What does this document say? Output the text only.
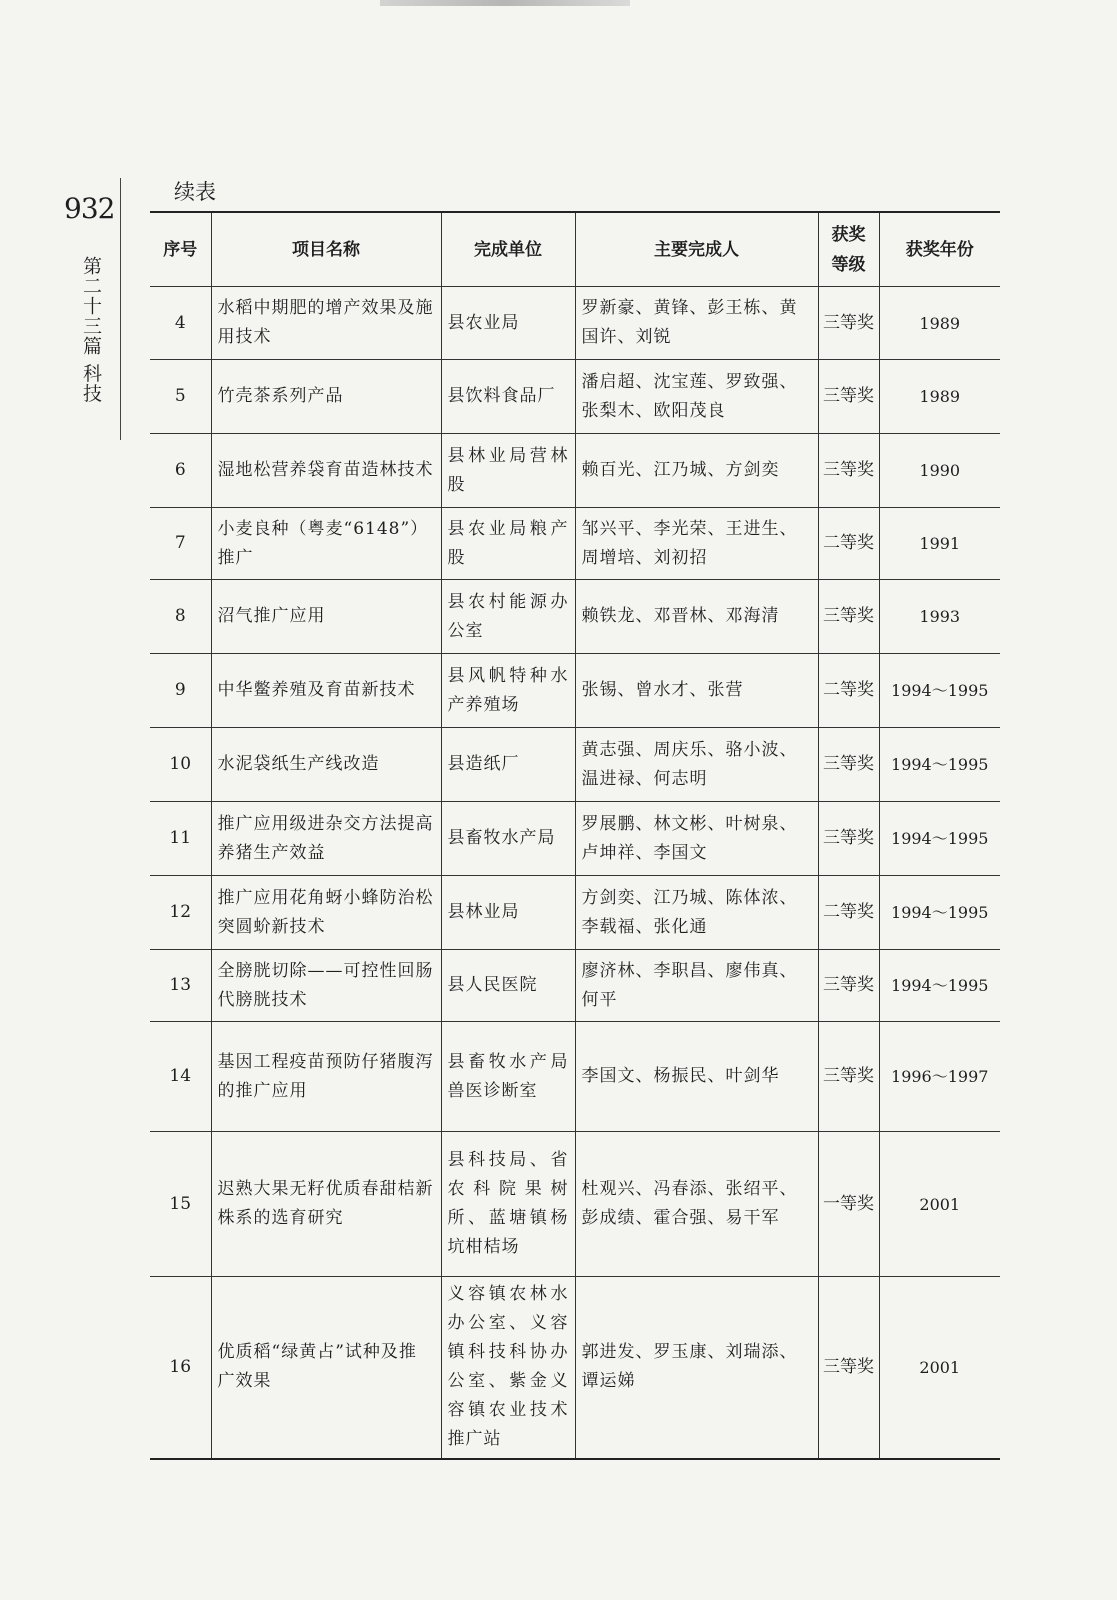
932
第二十三篇 科技
续表
序号	项目名称	完成单位	主要完成人	获奖等级	获奖年份
4	水稻中期肥的增产效果及施用技术	县农业局	罗新豪、黄锋、彭王栋、黄国许、刘锐	三等奖	1989
5	竹壳茶系列产品	县饮料食品厂	潘启超、沈宝莲、罗致强、张梨木、欧阳茂良	三等奖	1989
6	湿地松营养袋育苗造林技术	县林业局营林股	赖百光、江乃城、方剑奕	三等奖	1990
7	小麦良种（粤麦“6148”）推广	县农业局粮产股	邹兴平、李光荣、王进生、周增培、刘初招	二等奖	1991
8	沼气推广应用	县农村能源办公室	赖铁龙、邓晋林、邓海清	三等奖	1993
9	中华鳖养殖及育苗新技术	县风帆特种水产养殖场	张锡、曾水才、张营	二等奖	1994～1995
10	水泥袋纸生产线改造	县造纸厂	黄志强、周庆乐、骆小波、温进禄、何志明	三等奖	1994～1995
11	推广应用级进杂交方法提高养猪生产效益	县畜牧水产局	罗展鹏、林文彬、叶树泉、卢坤祥、李国文	三等奖	1994～1995
12	推广应用花角蚜小蜂防治松突圆蚧新技术	县林业局	方剑奕、江乃城、陈体浓、李载福、张化通	二等奖	1994～1995
13	全膀胱切除——可控性回肠代膀胱技术	县人民医院	廖济林、李职昌、廖伟真、何平	三等奖	1994～1995
14	基因工程疫苗预防仔猪腹泻的推广应用	县畜牧水产局兽医诊断室	李国文、杨振民、叶剑华	三等奖	1996～1997
15	迟熟大果无籽优质春甜桔新株系的选育研究	县科技局、省农科院果树所、蓝塘镇杨坑柑桔场	杜观兴、冯春添、张绍平、彭成绩、霍合强、易干军	一等奖	2001
16	优质稻“绿黄占”试种及推广效果	义容镇农林水办公室、义容镇科技科协办公室、紫金义容镇农业技术推广站	郭进发、罗玉康、刘瑞添、谭运娣	三等奖	2001
